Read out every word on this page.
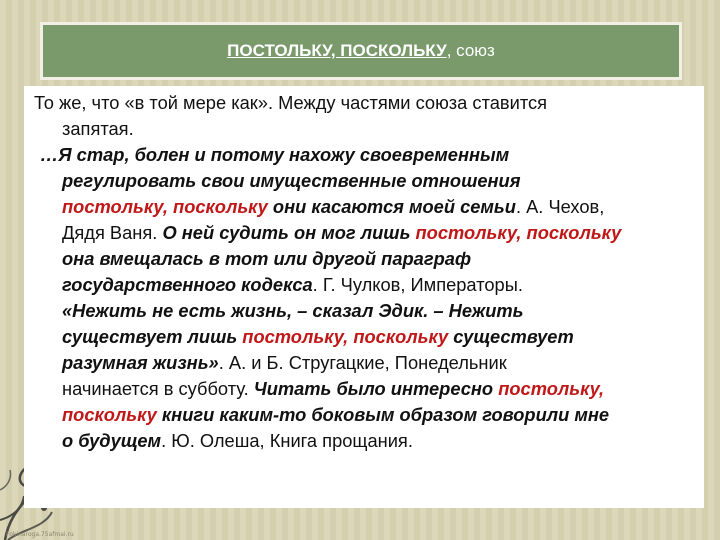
ПОСТОЛЬКУ, ПОСКОЛЬКУ , союз
То же, что «в той мере как». Между частями союза ставится
запятая.
…Я стар, болен и потому нахожу своевременным
регулировать свои имущественные отношения
постольку, поскольку они касаются моей семьи. А. Чехов,
Дядя Ваня. О ней судить он мог лишь постольку, поскольку
она вмещалась в тот или другой параграф
государственного кодекса. Г. Чулков, Императоры.
«Нежить не есть жизнь, – сказал Эдик. – Нежить
существует лишь постольку, поскольку существует
разумная жизнь». А. и Б. Стругацкие, Понедельник
начинается в субботу. Читать было интересно постольку,
поскольку книги каким-то боковым образом говорили мне
о будущем. Ю. Олеша, Книга прощания.
Fokinaroga.75afmai.ru
